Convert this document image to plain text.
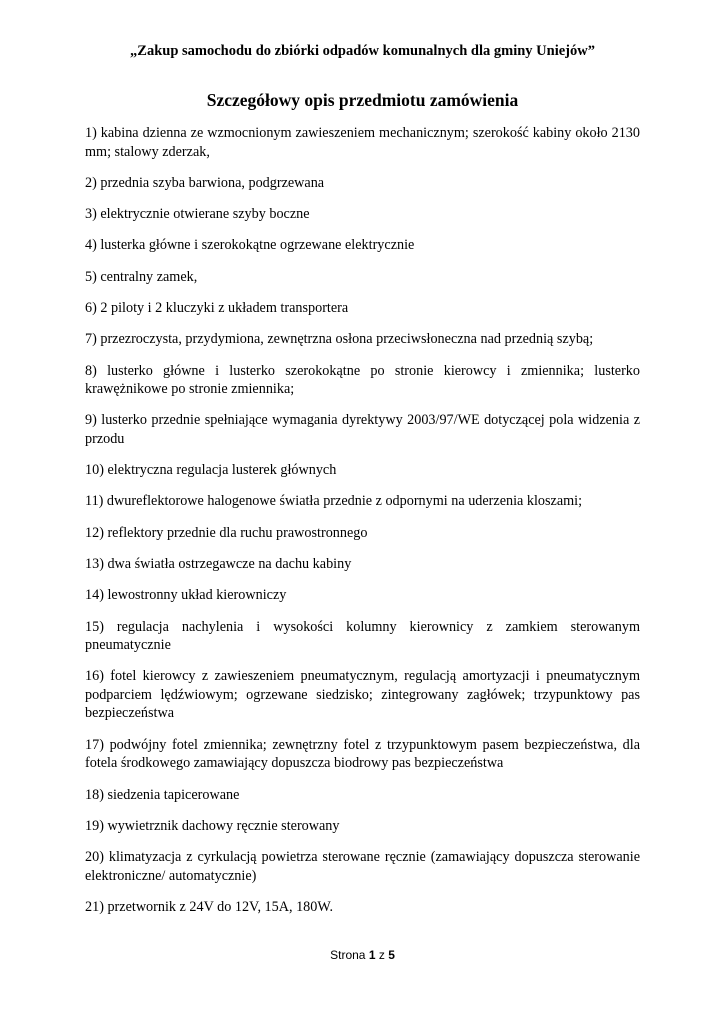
„Zakup samochodu do zbiórki odpadów komunalnych dla gminy Uniejów”
Szczegółowy opis przedmiotu zamówienia

1) kabina dzienna ze wzmocnionym zawieszeniem mechanicznym; szerokość kabiny około 2130 mm; stalowy zderzak,

2) przednia szyba barwiona, podgrzewana

3) elektrycznie otwierane szyby boczne

4) lusterka główne i szerokokątne ogrzewane elektrycznie

5) centralny zamek,

6) 2 piloty i 2 kluczyki z układem transportera

7) przezroczysta, przydymiona, zewnętrzna osłona przeciwsłoneczna nad przednią szybą;

8) lusterko główne i lusterko szerokokątne po stronie kierowcy i zmiennika; lusterko krawężnikowe po stronie zmiennika;

9) lusterko przednie spełniające wymagania dyrektywy 2003/97/WE dotyczącej pola widzenia z przodu

10) elektryczna regulacja lusterek głównych

11) dwureflektorowe halogenowe światła przednie z odpornymi na uderzenia kloszami;

12) reflektory przednie dla ruchu prawostronnego

13) dwa światła ostrzegawcze na dachu kabiny

14) lewostronny układ kierowniczy

15) regulacja nachylenia i wysokości kolumny kierownicy z zamkiem sterowanym pneumatycznie

16) fotel kierowcy z zawieszeniem pneumatycznym, regulacją amortyzacji i pneumatycznym podparciem lędźwiowym; ogrzewane siedzisko; zintegrowany zagłówek; trzypunktowy pas bezpieczeństwa

17) podwójny fotel zmiennika; zewnętrzny fotel z trzypunktowym pasem bezpieczeństwa, dla fotela środkowego zamawiający dopuszcza biodrowy pas bezpieczeństwa

18) siedzenia tapicerowane

19) wywietrznik dachowy ręcznie sterowany

20) klimatyzacja z cyrkulacją powietrza sterowane ręcznie (zamawiający dopuszcza sterowanie elektroniczne/ automatycznie)

21) przetwornik z 24V do 12V, 15A, 180W.

Strona 1 z 5
